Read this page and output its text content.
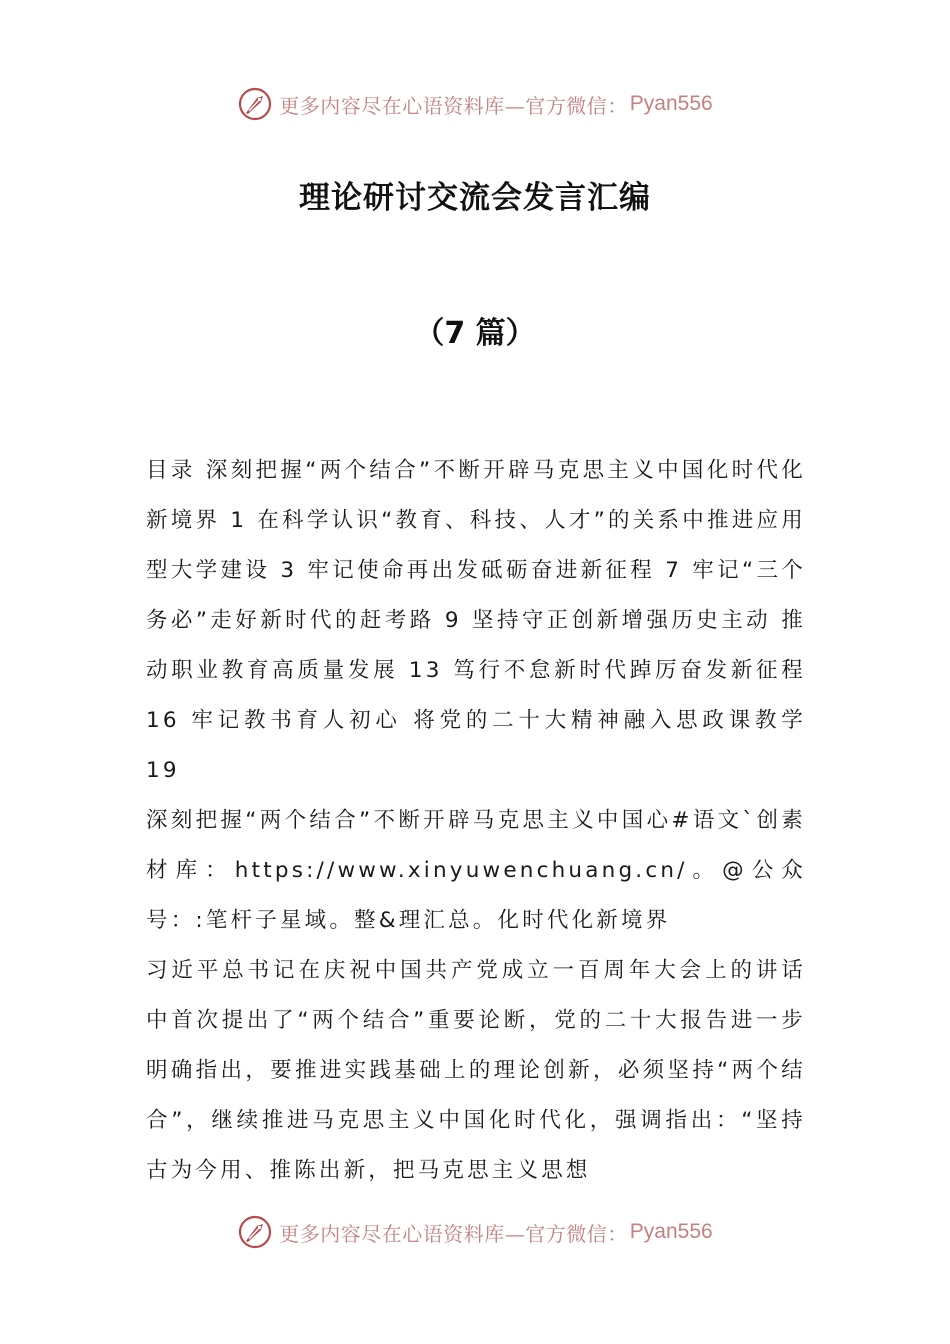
更多内容尽在心语资料库—官方微信： Pyan556
理论研讨交流会发言汇编
（7 篇）

目录 深刻把握“两个结合”不断开辟马克思主义中国化时代化新境界 1 在科学认识“教育、科技、人才”的关系中推进应用型大学建设 3 牢记使命再出发砥砺奋进新征程 7 牢记“三个务必”走好新时代的赶考路 9 坚持守正创新增强历史主动 推动职业教育高质量发展 13 笃行不怠新时代踔厉奋发新征程 16 牢记教书育人初心 将党的二十大精神融入思政课教学 19

深刻把握“两个结合”不断开辟马克思主义中国心#语文`创素材库：https://www.xinyuwenchuang.cn/。@公众号：:笔杆子星域。整&理汇总。化时代化新境界

习近平总书记在庆祝中国共产党成立一百周年大会上的讲话中首次提出了“两个结合”重要论断，党的二十大报告进一步明确指出，要推进实践基础上的理论创新，必须坚持“两个结合”，继续推进马克思主义中国化时代化，强调指出：“坚持古为今用、推陈出新，把马克思主义思想

更多内容尽在心语资料库—官方微信： Pyan556
